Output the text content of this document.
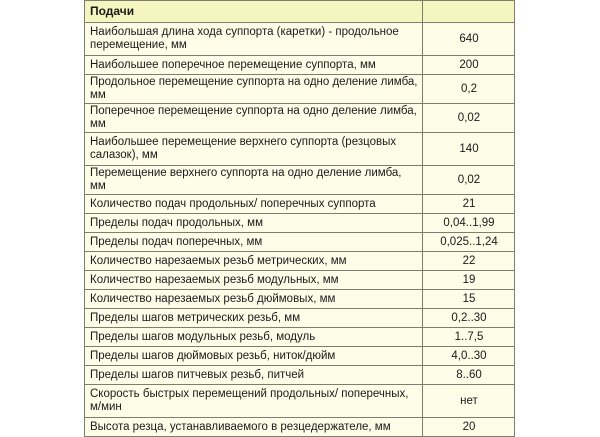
Подачи	
Наибольшая длина хода суппорта (каретки) - продольное перемещение, мм	640
Наибольшее поперечное перемещение суппорта, мм	200
Продольное перемещение суппорта на одно деление лимба, мм	0,2
Поперечное перемещение суппорта на одно деление лимба, мм	0,02
Наибольшее перемещение верхнего суппорта (резцовых салазок), мм	140
Перемещение верхнего суппорта на одно деление лимба, мм	0,02
Количество подач продольных/ поперечных суппорта	21
Пределы подач продольных, мм	0,04..1,99
Пределы подач поперечных, мм	0,025..1,24
Количество нарезаемых резьб метрических, мм	22
Количество нарезаемых резьб модульных, мм	19
Количество нарезаемых резьб дюймовых, мм	15
Пределы шагов метрических резьб, мм	0,2..30
Пределы шагов модульных резьб, модуль	1..7,5
Пределы шагов дюймовых резьб, ниток/дюйм	4,0..30
Пределы шагов питчевых резьб, питчей	8..60
Скорость быстрых перемещений продольных/ поперечных, м/мин	нет
Высота резца, устанавливаемого в резцедержателе, мм	20
